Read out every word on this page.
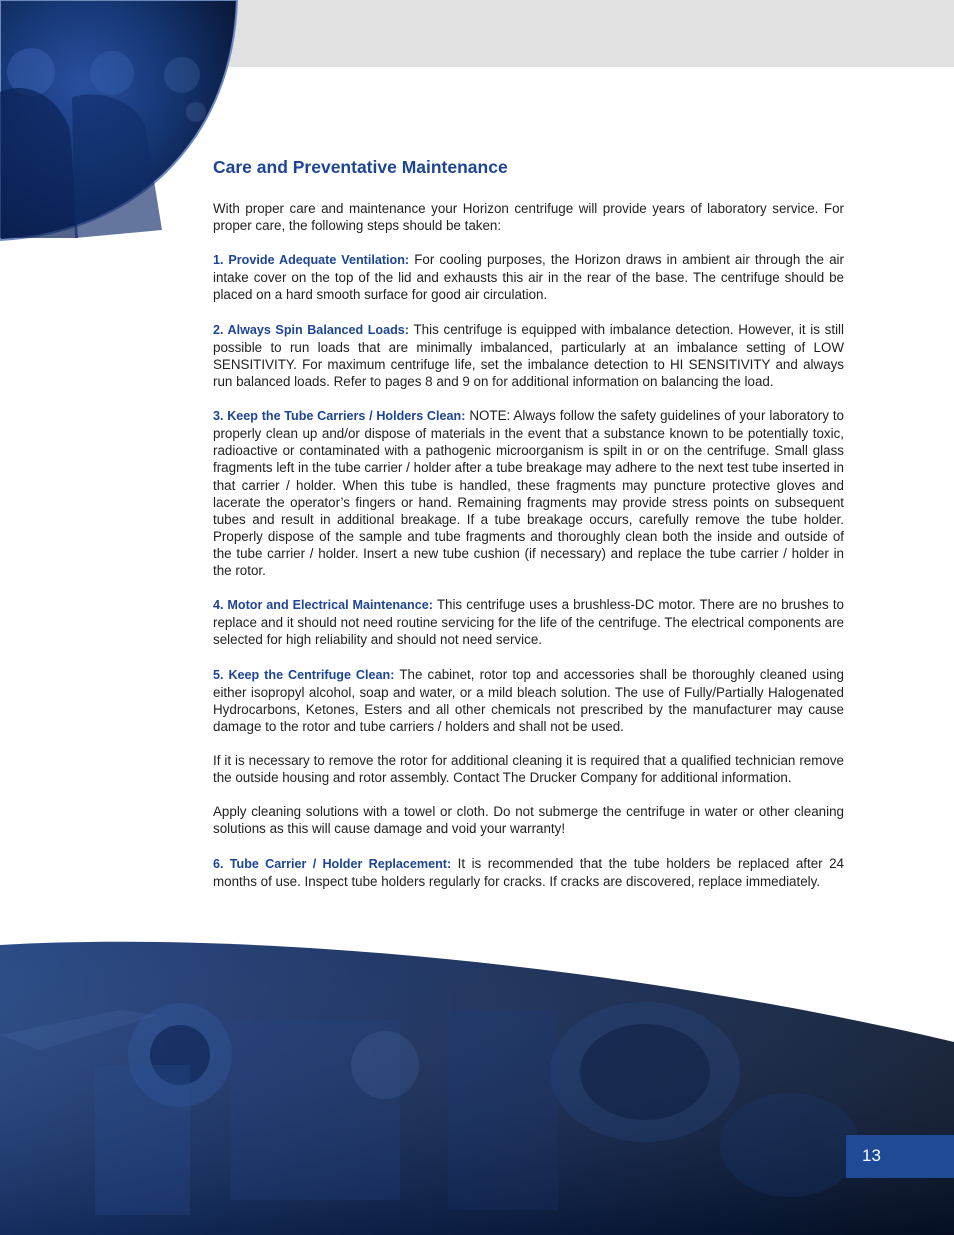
Care and Preventative Maintenance

With proper care and maintenance your Horizon centrifuge will provide years of laboratory service. For proper care, the following steps should be taken:

1. Provide Adequate Ventilation: For cooling purposes, the Horizon draws in ambient air through the air intake cover on the top of the lid and exhausts this air in the rear of the base. The centrifuge should be placed on a hard smooth surface for good air circulation.

2. Always Spin Balanced Loads: This centrifuge is equipped with imbalance detection. However, it is still possible to run loads that are minimally imbalanced, particularly at an imbalance setting of LOW SENSITIVITY. For maximum centrifuge life, set the imbalance detection to HI SENSITIVITY and always run balanced loads. Refer to pages 8 and 9 on for additional information on balancing the load.

3. Keep the Tube Carriers / Holders Clean: NOTE: Always follow the safety guidelines of your laboratory to properly clean up and/or dispose of materials in the event that a substance known to be potentially toxic, radioactive or contaminated with a pathogenic microorganism is spilt in or on the centrifuge. Small glass fragments left in the tube carrier / holder after a tube breakage may adhere to the next test tube inserted in that carrier / holder. When this tube is handled, these fragments may puncture protective gloves and lacerate the operator’s fingers or hand. Remaining fragments may provide stress points on subsequent tubes and result in additional breakage. If a tube breakage occurs, carefully remove the tube holder. Properly dispose of the sample and tube fragments and thoroughly clean both the inside and outside of the tube carrier / holder. Insert a new tube cushion (if necessary) and replace the tube carrier / holder in the rotor.

4. Motor and Electrical Maintenance: This centrifuge uses a brushless-DC motor. There are no brushes to replace and it should not need routine servicing for the life of the centrifuge. The electrical components are selected for high reliability and should not need service.

5. Keep the Centrifuge Clean: The cabinet, rotor top and accessories shall be thoroughly cleaned using either isopropyl alcohol, soap and water, or a mild bleach solution. The use of Fully/Partially Halogenated Hydrocarbons, Ketones, Esters and all other chemicals not prescribed by the manufacturer may cause damage to the rotor and tube carriers / holders and shall not be used.

If it is necessary to remove the rotor for additional cleaning it is required that a qualified technician remove the outside housing and rotor assembly. Contact The Drucker Company for additional information.

Apply cleaning solutions with a towel or cloth. Do not submerge the centrifuge in water or other cleaning solutions as this will cause damage and void your warranty!

6. Tube Carrier / Holder Replacement: It is recommended that the tube holders be replaced after 24 months of use. Inspect tube holders regularly for cracks. If cracks are discovered, replace immediately.

13
